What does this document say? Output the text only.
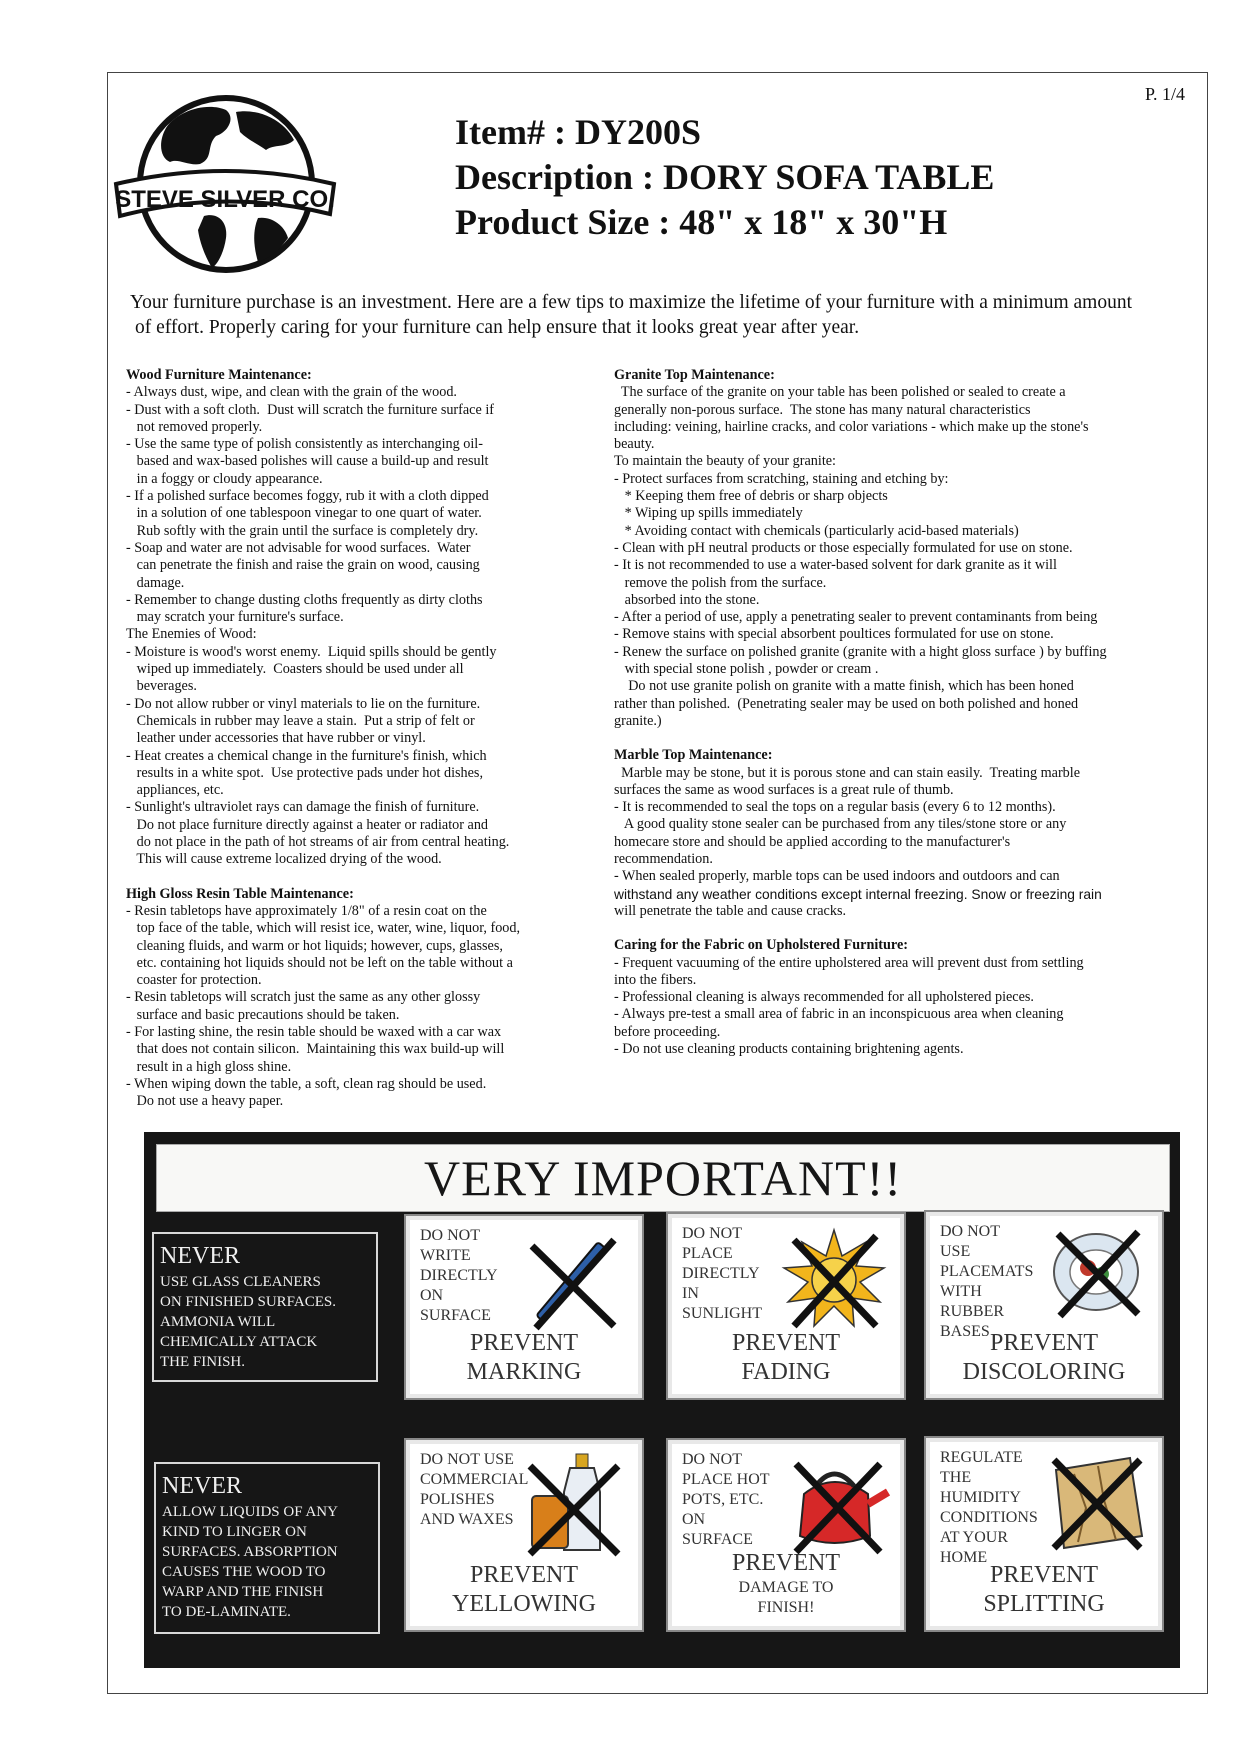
P. 1/4
STEVE SILVER CO.
Item# : DY200S
Description : DORY SOFA TABLE
Product Size : 48" x 18" x 30"H
Your furniture purchase is an investment. Here are a few tips to maximize the lifetime of your furniture with a minimum amount
of effort. Properly caring for your furniture can help ensure that it looks great year after year.
Wood Furniture Maintenance:
- Always dust, wipe, and clean with the grain of the wood.
- Dust with a soft cloth.  Dust will scratch the furniture surface if
not removed properly.
- Use the same type of polish consistently as interchanging oil-
based and wax-based polishes will cause a build-up and result
in a foggy or cloudy appearance.
- If a polished surface becomes foggy, rub it with a cloth dipped
in a solution of one tablespoon vinegar to one quart of water.
Rub softly with the grain until the surface is completely dry.
- Soap and water are not advisable for wood surfaces.  Water
can penetrate the finish and raise the grain on wood, causing
damage.
- Remember to change dusting cloths frequently as dirty cloths
may scratch your furniture's surface.
The Enemies of Wood:
- Moisture is wood's worst enemy.  Liquid spills should be gently
wiped up immediately.  Coasters should be used under all
beverages.
- Do not allow rubber or vinyl materials to lie on the furniture.
Chemicals in rubber may leave a stain.  Put a strip of felt or
leather under accessories that have rubber or vinyl.
- Heat creates a chemical change in the furniture's finish, which
results in a white spot.  Use protective pads under hot dishes,
appliances, etc.
- Sunlight's ultraviolet rays can damage the finish of furniture.
Do not place furniture directly against a heater or radiator and
do not place in the path of hot streams of air from central heating.
This will cause extreme localized drying of the wood.
High Gloss Resin Table Maintenance:
- Resin tabletops have approximately 1/8" of a resin coat on the
top face of the table, which will resist ice, water, wine, liquor, food,
cleaning fluids, and warm or hot liquids; however, cups, glasses,
etc. containing hot liquids should not be left on the table without a
coaster for protection.
- Resin tabletops will scratch just the same as any other glossy
surface and basic precautions should be taken.
- For lasting shine, the resin table should be waxed with a car wax
that does not contain silicon.  Maintaining this wax build-up will
result in a high gloss shine.
- When wiping down the table, a soft, clean rag should be used.
Do not use a heavy paper.
Granite Top Maintenance:
The surface of the granite on your table has been polished or sealed to create a
generally non-porous surface.  The stone has many natural characteristics
including: veining, hairline cracks, and color variations - which make up the stone's
beauty.
To maintain the beauty of your granite:
- Protect surfaces from scratching, staining and etching by:
* Keeping them free of debris or sharp objects
* Wiping up spills immediately
* Avoiding contact with chemicals (particularly acid-based materials)
- Clean with pH neutral products or those especially formulated for use on stone.
- It is not recommended to use a water-based solvent for dark granite as it will
remove the polish from the surface.
absorbed into the stone.
- After a period of use, apply a penetrating sealer to prevent contaminants from being
- Remove stains with special absorbent poultices formulated for use on stone.
- Renew the surface on polished granite (granite with a hight gloss surface ) by buffing
with special stone polish , powder or cream .
Do not use granite polish on granite with a matte finish, which has been honed
rather than polished.  (Penetrating sealer may be used on both polished and honed
granite.)
Marble Top Maintenance:
Marble may be stone, but it is porous stone and can stain easily.  Treating marble
surfaces the same as wood surfaces is a great rule of thumb.
- It is recommended to seal the tops on a regular basis (every 6 to 12 months).
A good quality stone sealer can be purchased from any tiles/stone store or any
homecare store and should be applied according to the manufacturer's
recommendation.
- When sealed properly, marble tops can be used indoors and outdoors and can
withstand any weather conditions except internal freezing. Snow or freezing rain
will penetrate the table and cause cracks.
Caring for the Fabric on Upholstered Furniture:
- Frequent vacuuming of the entire upholstered area will prevent dust from settling
into the fibers.
- Professional cleaning is always recommended for all upholstered pieces.
- Always pre-test a small area of fabric in an inconspicuous area when cleaning
before proceeding.
- Do not use cleaning products containing brightening agents.
VERY IMPORTANT!!
NEVER
USE GLASS CLEANERS
ON FINISHED SURFACES.
AMMONIA WILL
CHEMICALLY ATTACK
THE FINISH.
NEVER
ALLOW LIQUIDS OF ANY
KIND TO LINGER ON
SURFACES. ABSORPTION
CAUSES THE WOOD TO
WARP AND THE FINISH
TO DE-LAMINATE.
DO NOT
WRITE
DIRECTLY
ON
SURFACE
PREVENT
MARKING
DO NOT
PLACE
DIRECTLY
IN
SUNLIGHT
PREVENT
FADING
DO NOT
USE
PLACEMATS
WITH
RUBBER
BASES PREVENT
DISCOLORING
DO NOT USE
COMMERCIAL
POLISHES
AND WAXES
PREVENT
YELLOWING
DO NOT
PLACE HOT
POTS, ETC.
ON
SURFACE
PREVENT
DAMAGE TO
FINISH!
REGULATE
THE
HUMIDITY
CONDITIONS
AT YOUR
HOME
PREVENT
SPLITTING
